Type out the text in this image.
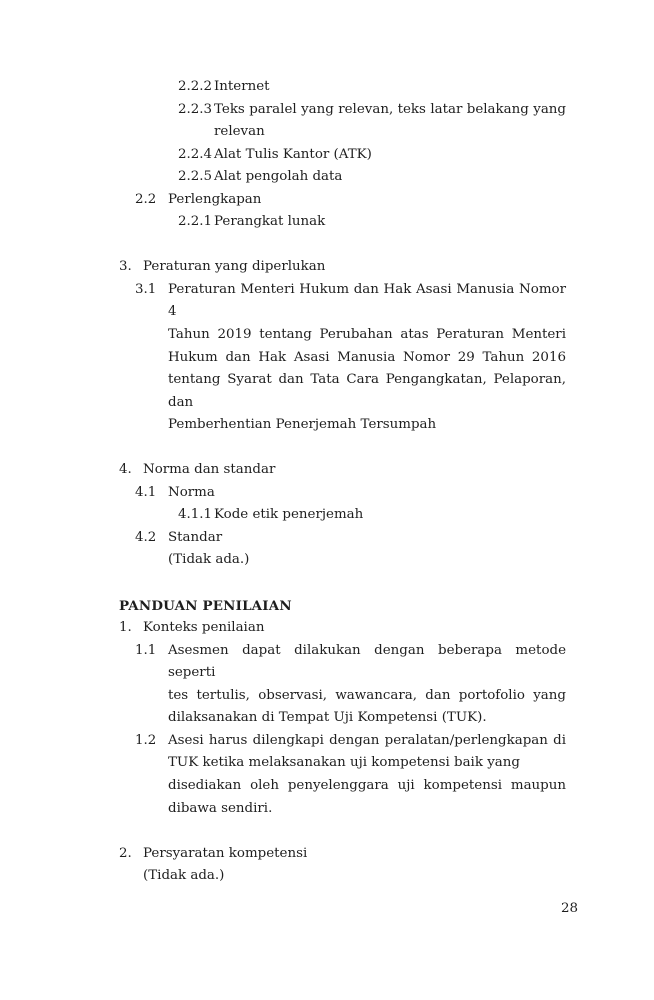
2.2.2 Internet
2.2.3 Teks paralel yang relevan, teks latar belakang yang
relevan
2.2.4 Alat Tulis Kantor (ATK)
2.2.5 Alat pengolah data
2.2 Perlengkapan
2.2.1 Perangkat lunak
3. Peraturan yang diperlukan
3.1 Peraturan Menteri Hukum dan Hak Asasi Manusia Nomor 4
Tahun 2019 tentang Perubahan atas Peraturan Menteri
Hukum dan Hak Asasi Manusia Nomor 29 Tahun 2016
tentang Syarat dan Tata Cara Pengangkatan, Pelaporan, dan
Pemberhentian Penerjemah Tersumpah
4. Norma dan standar
4.1 Norma
4.1.1 Kode etik penerjemah
4.2 Standar
(Tidak ada.)
PANDUAN PENILAIAN
1. Konteks penilaian
1.1 Asesmen dapat dilakukan dengan beberapa metode seperti
tes tertulis, observasi, wawancara, dan portofolio yang
dilaksanakan di Tempat Uji Kompetensi (TUK).
1.2 Asesi harus dilengkapi dengan peralatan/perlengkapan di
TUK ketika melaksanakan uji kompetensi baik yang
disediakan oleh penyelenggara uji kompetensi maupun
dibawa sendiri.
2. Persyaratan kompetensi
(Tidak ada.)
28
